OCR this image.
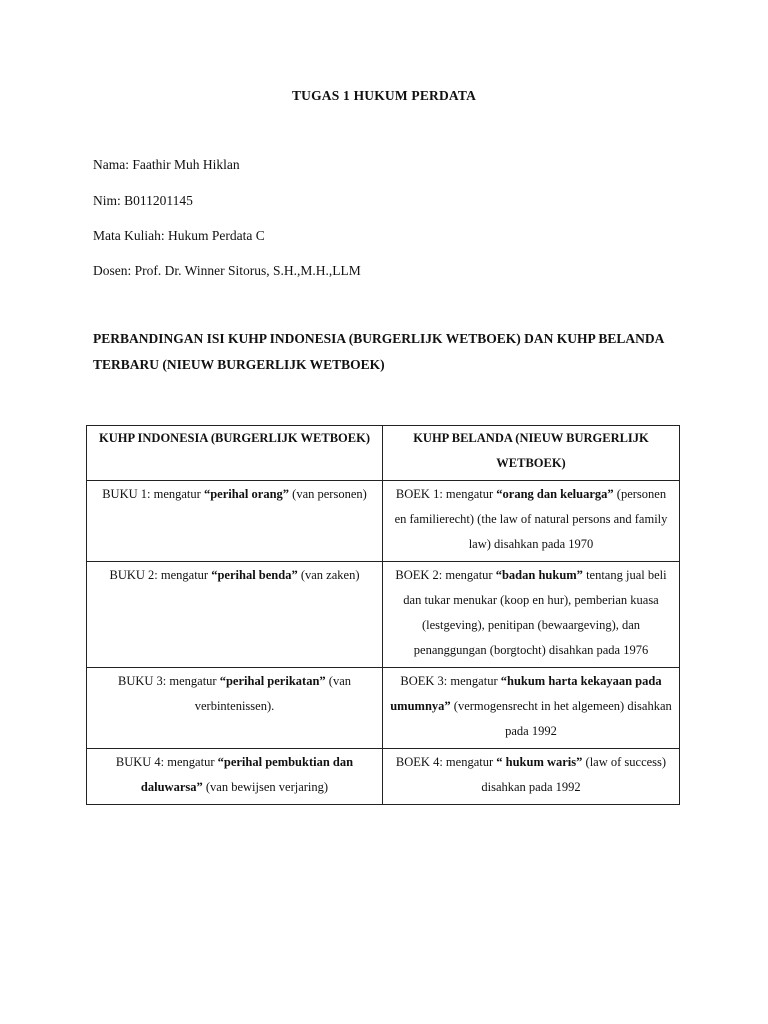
TUGAS 1 HUKUM PERDATA
Nama: Faathir Muh Hiklan
Nim: B011201145
Mata Kuliah: Hukum Perdata C
Dosen: Prof. Dr. Winner Sitorus, S.H.,M.H.,LLM
PERBANDINGAN ISI KUHP INDONESIA (BURGERLIJK WETBOEK) DAN KUHP BELANDA TERBARU (NIEUW BURGERLIJK WETBOEK)
KUHP INDONESIA (BURGERLIJK WETBOEK)	KUHP BELANDA (NIEUW BURGERLIJK WETBOEK)
BUKU 1: mengatur “perihal orang” (van personen)	BOEK 1: mengatur “orang dan keluarga” (personen en familierecht) (the law of natural persons and family law) disahkan pada 1970
BUKU 2: mengatur “perihal benda” (van zaken)	BOEK 2: mengatur “badan hukum” tentang jual beli dan tukar menukar (koop en hur), pemberian kuasa (lestgeving), penitipan (bewaargeving), dan penanggungan (borgtocht) disahkan pada 1976
BUKU 3: mengatur “perihal perikatan” (van verbintenissen).	BOEK 3: mengatur “hukum harta kekayaan pada umumnya” (vermogensrecht in het algemeen) disahkan pada 1992
BUKU 4: mengatur “perihal pembuktian dan daluwarsa” (van bewijsen verjaring)	BOEK 4: mengatur “ hukum waris” (law of success) disahkan pada 1992
